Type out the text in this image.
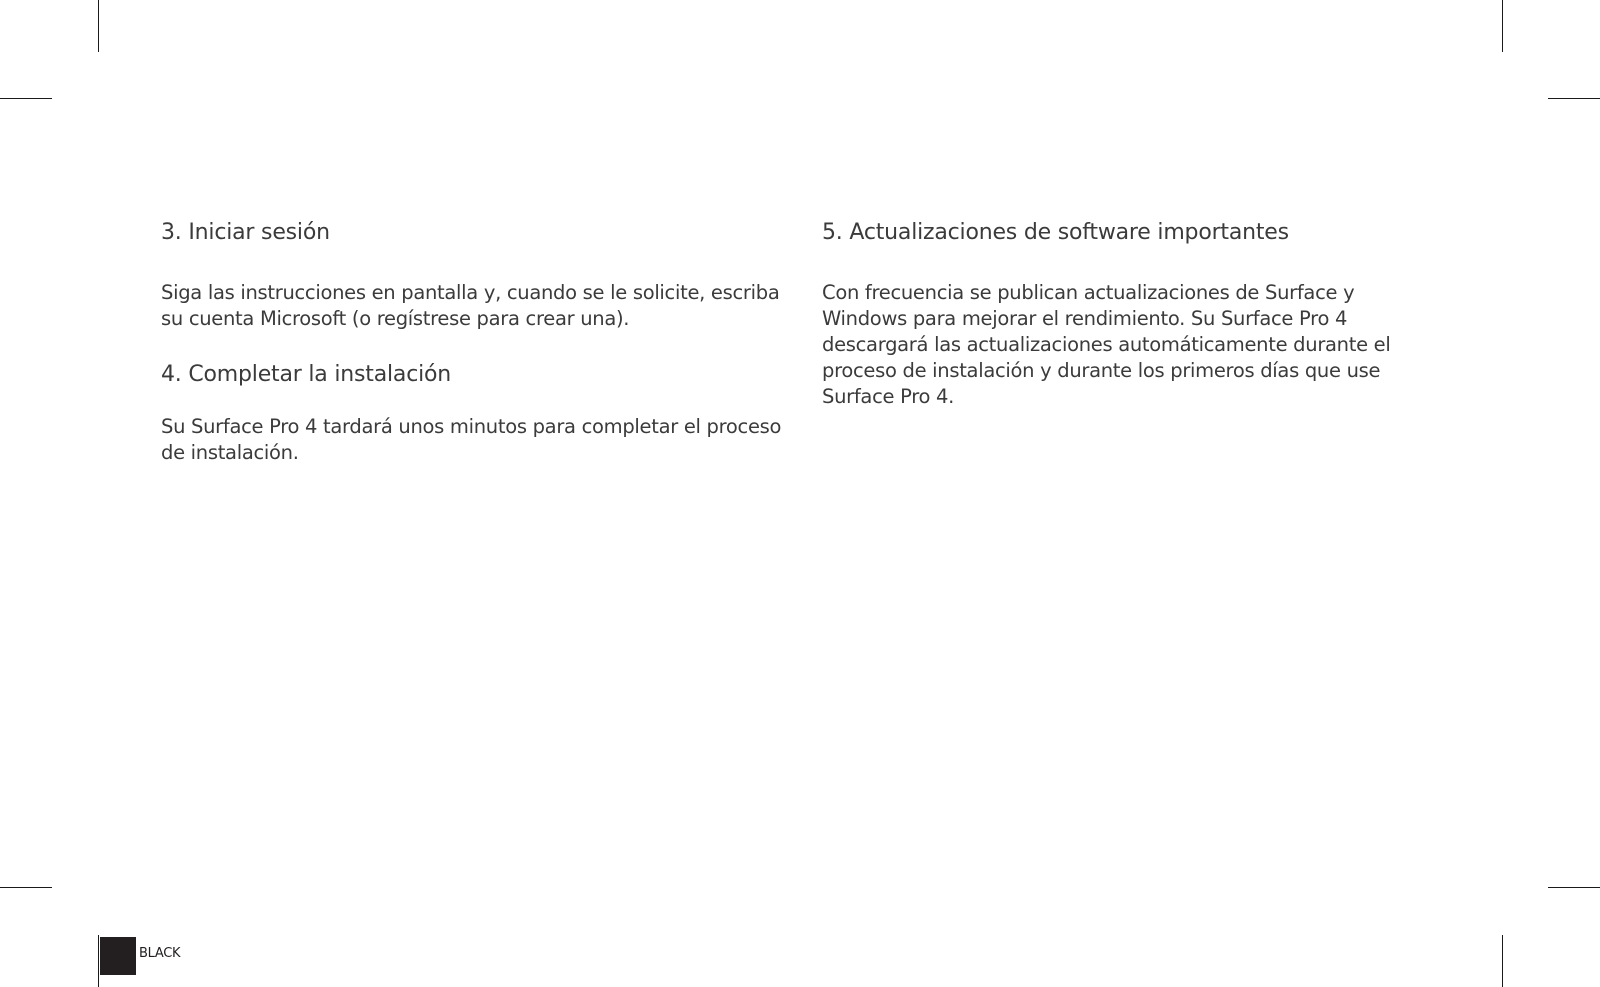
3. Iniciar sesión

Siga las instrucciones en pantalla y, cuando se le solicite, escriba su cuenta Microsoft (o regístrese para crear una).

4. Completar la instalación

Su Surface Pro 4 tardará unos minutos para completar el proceso de instalación.

5. Actualizaciones de software importantes

Con frecuencia se publican actualizaciones de Surface y Windows para mejorar el rendimiento. Su Surface Pro 4 descargará las actualizaciones automáticamente durante el proceso de instalación y durante los primeros días que use Surface Pro 4.

BLACK
